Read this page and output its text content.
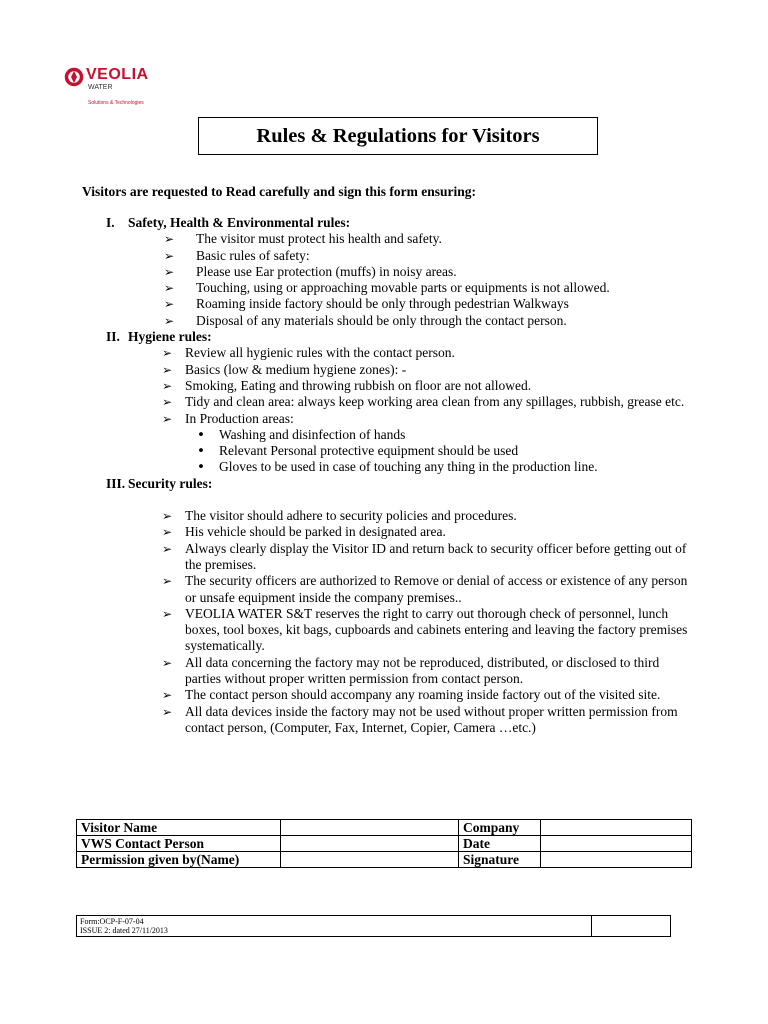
VEOLIA
WATER
Solutions & Technologies
Rules & Regulations for Visitors
Visitors are requested to Read carefully and sign this form ensuring:
I. Safety, Health & Environmental rules:
➢ The visitor must protect his health and safety.
➢ Basic rules of safety:
➢ Please use Ear protection (muffs) in noisy areas.
➢ Touching, using or approaching movable parts or equipments is not allowed.
➢ Roaming inside factory should be only through pedestrian Walkways
➢ Disposal of any materials should be only through the contact person.
II. Hygiene rules:
➢ Review all hygienic rules with the contact person.
➢ Basics (low & medium hygiene zones): -
➢ Smoking, Eating and throwing rubbish on floor are not allowed.
➢ Tidy and clean area: always keep working area clean from any spillages, rubbish, grease etc.
➢ In Production areas:
• Washing and disinfection of hands
• Relevant Personal protective equipment should be used
• Gloves to be used in case of touching any thing in the production line.
III. Security rules:
➢ The visitor should adhere to security policies and procedures.
➢ His vehicle should be parked in designated area.
➢ Always clearly display the Visitor ID and return back to security officer before getting out of the premises.
➢ The security officers are authorized to Remove or denial of access or existence of any person or unsafe equipment inside the company premises..
➢ VEOLIA WATER S&T reserves the right to carry out thorough check of personnel, lunch boxes, tool boxes, kit bags, cupboards and cabinets entering and leaving the factory premises systematically.
➢ All data concerning the factory may not be reproduced, distributed, or disclosed to third parties without proper written permission from contact person.
➢ The contact person should accompany any roaming inside factory out of the visited site.
➢ All data devices inside the factory may not be used without proper written permission from contact person, (Computer, Fax, Internet, Copier, Camera …etc.)
Visitor Name		Company	
VWS Contact Person		Date	
Permission given by(Name)		Signature	
Form:OCP-F-07-04
ISSUE 2: dated 27/11/2013
